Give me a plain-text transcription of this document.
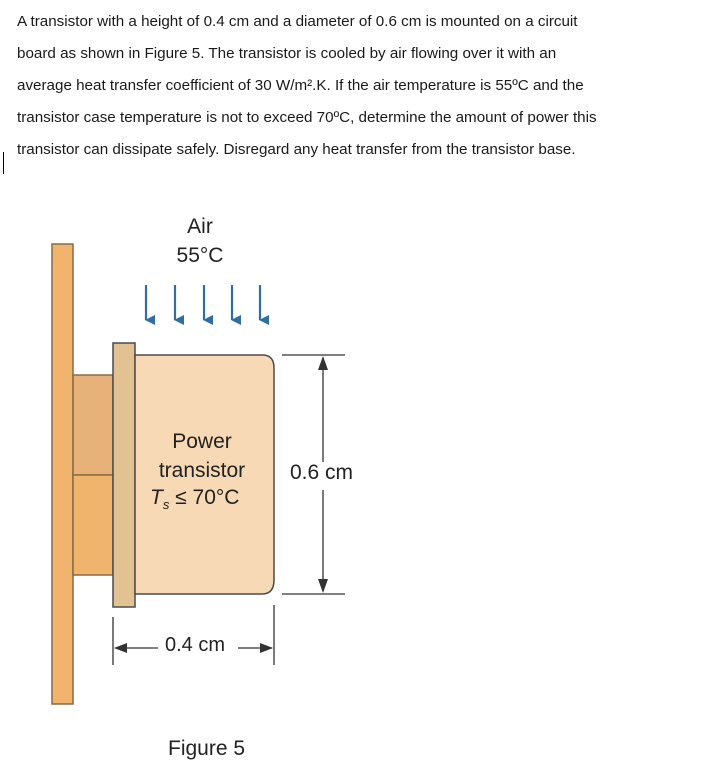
A transistor with a height of 0.4 cm and a diameter of 0.6 cm is mounted on a circuit
board as shown in Figure 5. The transistor is cooled by air flowing over it with an
average heat transfer coefficient of 30 W/m².K. If the air temperature is 55ºC and the
transistor case temperature is not to exceed 70ºC, determine the amount of power this
transistor can dissipate safely. Disregard any heat transfer from the transistor base.
Air
55°C
Power
transistor
$T_s \le 70^\circ C$
0.6 cm
0.4 cm
Figure 5
